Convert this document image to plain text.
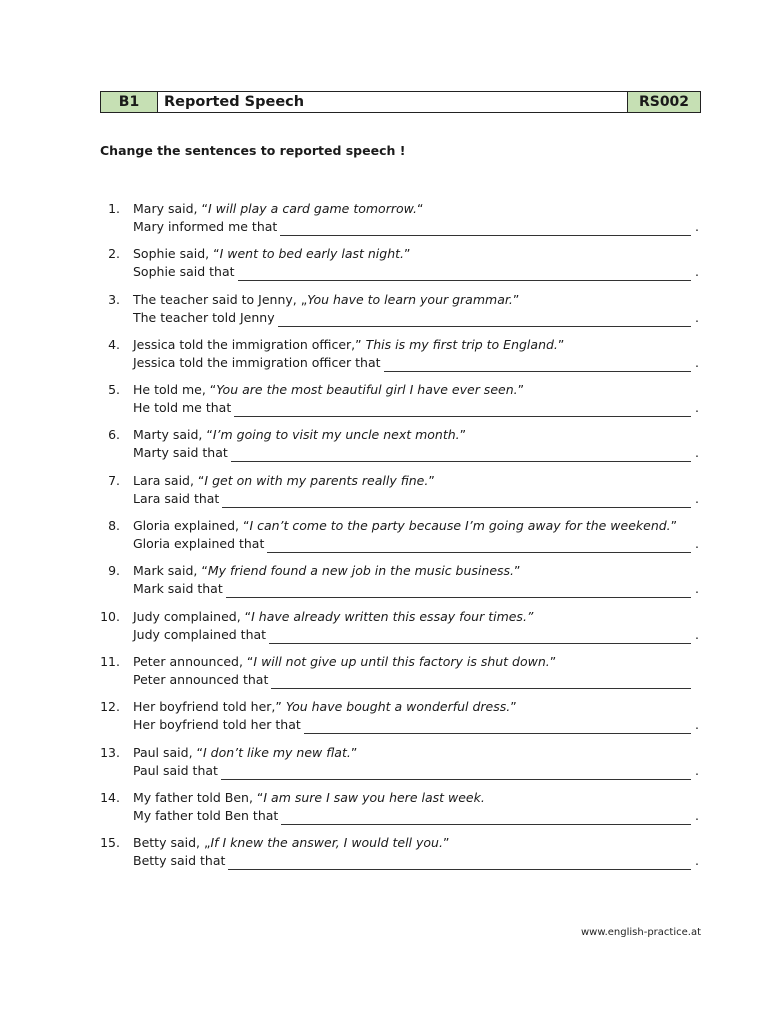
B1	Reported Speech	RS002
Change the sentences to reported speech !
1. Mary said, “I will play a card game tomorrow.“
Mary informed me that	.
2. Sophie said, “I went to bed early last night.”
Sophie said that	.
3. The teacher said to Jenny, „You have to learn your grammar.”
The teacher told Jenny	.
4. Jessica told the immigration officer,” This is my first trip to England.”
Jessica told the immigration officer that	.
5. He told me, “You are the most beautiful girl I have ever seen.”
He told me that	.
6. Marty said, “I’m going to visit my uncle next month.”
Marty said that	.
7. Lara said, “I get on with my parents really fine.”
Lara said that	.
8. Gloria explained, “I can’t come to the party because I’m going away for the weekend.”
Gloria explained that	.
9. Mark said, “My friend found a new job in the music business.”
Mark said that	.
10. Judy complained, “I have already written this essay four times.”
Judy complained that	.
11. Peter announced, “I will not give up until this factory is shut down.”
Peter announced that
12. Her boyfriend told her,” You have bought a wonderful dress.”
Her boyfriend told her that	.
13. Paul said, “I don’t like my new flat.”
Paul said that	.
14. My father told Ben, “I am sure I saw you here last week.
My father told Ben that	.
15. Betty said, „If I knew the answer, I would tell you.”
Betty said that	.
www.english-practice.at
